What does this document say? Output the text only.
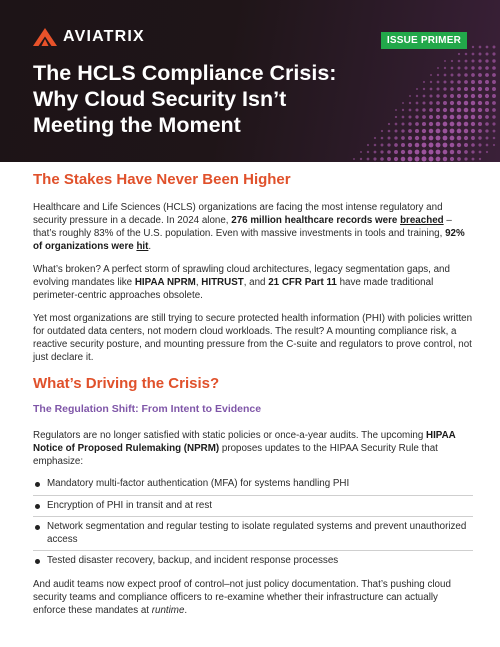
AVIATRIX	ISSUE PRIMER
The HCLS Compliance Crisis:
Why Cloud Security Isn’t
Meeting the Moment
The Stakes Have Never Been Higher

Healthcare and Life Sciences (HCLS) organizations are facing the most intense regulatory and security pressure in a decade. In 2024 alone, 276 million healthcare records were breached – that’s roughly 83% of the U.S. population. Even with massive investments in tools and training, 92% of organizations were hit.

What’s broken? A perfect storm of sprawling cloud architectures, legacy segmentation gaps, and evolving mandates like HIPAA NPRM, HITRUST, and 21 CFR Part 11 have made traditional perimeter-centric approaches obsolete.

Yet most organizations are still trying to secure protected health information (PHI) with policies written for outdated data centers, not modern cloud workloads. The result? A mounting compliance risk, a reactive security posture, and mounting pressure from the C-suite and regulators to prove control, not just declare it.

What’s Driving the Crisis?
The Regulation Shift: From Intent to Evidence

Regulators are no longer satisfied with static policies or once-a-year audits. The upcoming HIPAA Notice of Proposed Rulemaking (NPRM) proposes updates to the HIPAA Security Rule that emphasize:

Mandatory multi-factor authentication (MFA) for systems handling PHI
Encryption of PHI in transit and at rest
Network segmentation and regular testing to isolate regulated systems and prevent unauthorized access
Tested disaster recovery, backup, and incident response processes

And audit teams now expect proof of control–not just policy documentation. That’s pushing cloud security teams and compliance officers to re-examine whether their infrastructure can actually enforce these mandates at runtime.
